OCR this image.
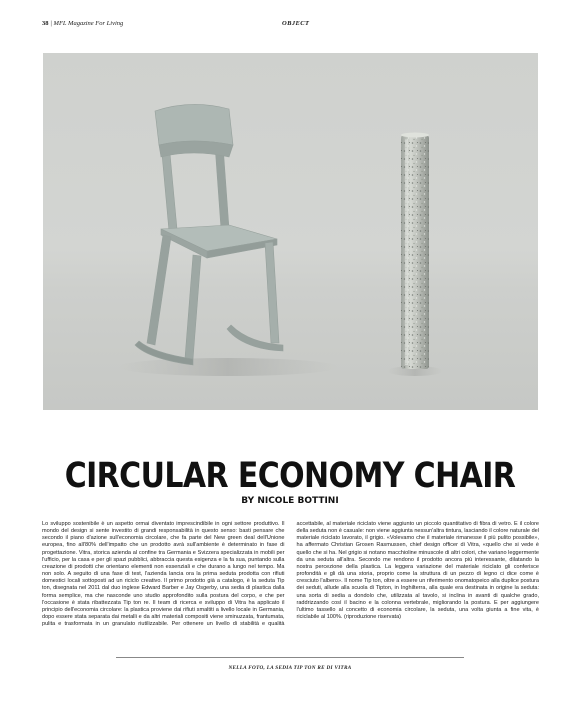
38 | MFL Magazine For Living	OBJECT
CIRCULAR ECONOMY CHAIR
BY NICOLE BOTTINI
Lo sviluppo sostenibile è un aspetto ormai diventato imprescindibile in ogni settore produttivo. Il mondo del design si sente investito di grandi responsabilità in questo senso: basti pensare che secondo il piano d'azione sull'economia circolare, che fa parte del New green deal dell'Unione europea, fino all'80% dell'impatto che un prodotto avrà sull'ambiente è determinato in fase di progettazione. Vitra, storica azienda al confine tra Germania e Svizzera specializzata in mobili per l'ufficio, per la casa e per gli spazi pubblici, abbraccia questa esigenza e la fa sua, puntando sulla creazione di prodotti che orientano elementi non essenziali e che durano a lungo nel tempo. Ma non solo. A seguito di una fase di test, l'azienda lancia ora la prima seduta prodotta con rifiuti domestici locali sottoposti ad un riciclo creativo. Il primo prodotto già a catalogo, è la seduta Tip ton, disegnata nel 2011 dal duo inglese Edward Barber e Jay Osgerby, una sedia di plastica dalla forma semplice, ma che nasconde uno studio approfondito sulla postura del corpo, e che per l'occasione è stata ribattezzata Tip ton re. Il team di ricerca e sviluppo di Vitra ha applicato il principio dell'economia circolare: la plastica proviene dai rifiuti smaltiti a livello locale in Germania, dopo essere stata separata dai metalli e da altri materiali compositi viene sminuzzata, frantumata, pulita e trasformata in un granulato riutilizzabile. Per ottenere un livello di stabilità e qualità accettabile, al materiale riciclato viene aggiunto un piccolo quantitativo di fibra di vetro. E il colore della seduta non è casuale: non viene aggiunta nessun'altra tintura, lasciando il colore naturale del materiale riciclato lavorato, il grigio. «Volevamo che il materiale rimanesse il più pulito possibile», ha affermato Christian Grosen Rasmussen, chief design officer di Vitra, «quello che si vede è quello che si ha. Nel grigio si notano macchioline minuscole di altri colori, che variano leggermente da una seduta all'altra. Secondo me rendono il prodotto ancora più interessante, dilatando la nostra percezione della plastica. La leggera variazione del materiale riciclato gli conferisce profondità e gli dà una storia, proprio come la struttura di un pezzo di legno ci dice come è cresciuto l'albero». Il nome Tip ton, oltre a essere un riferimento onomatopeico alla duplice postura dei seduti, allude alla scuola di Tipton, in Inghilterra, alla quale era destinata in origine la seduta: una sorta di sedia a dondolo che, utilizzata al tavolo, si inclina in avanti di qualche grado, raddrizzando così il bacino e la colonna vertebrale, migliorando la postura. E per aggiungere l'ultimo tassello al concetto di economia circolare, la seduta, una volta giunta a fine vita, è riciclabile al 100%. (riproduzione riservata)
NELLA FOTO, LA SEDIA TIP TON RE DI VITRA
